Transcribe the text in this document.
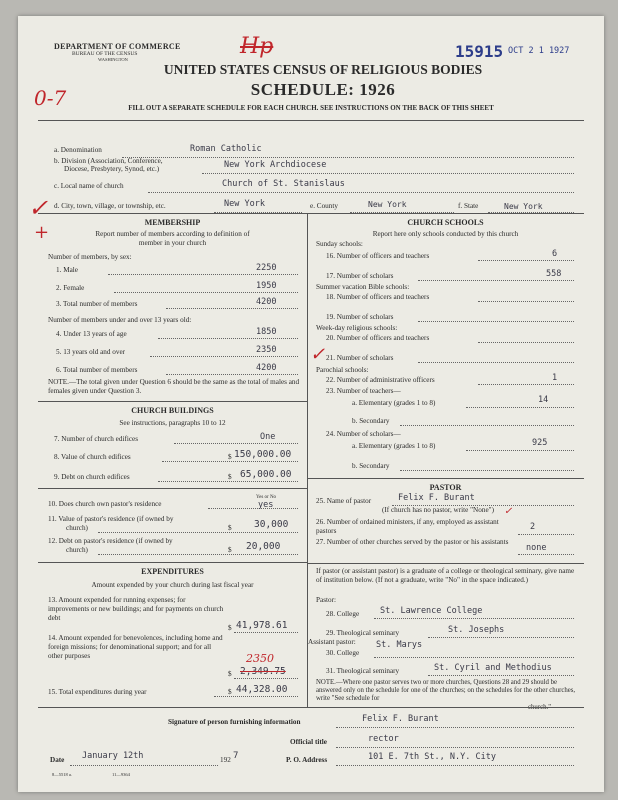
DEPARTMENT OF COMMERCE
BUREAU OF THE CENSUS
WASHINGTON
UNITED STATES CENSUS OF RELIGIOUS BODIES
SCHEDULE: 1926
FILL OUT A SEPARATE SCHEDULE FOR EACH CHURCH. SEE INSTRUCTIONS ON THE BACK OF THIS SHEET
15915 OCT 2 1 1927
Hp
0-7
✓
+
a. Denomination	Roman Catholic
b. Division (Association, Conference,
Diocese, Presbytery, Synod, etc.)	New York Archdiocese
c. Local name of church	Church of St. Stanislaus
d. City, town, village, or township, etc.	New York	e. County	New York	f. State	New York
MEMBERSHIP
Report number of members according to definition of
member in your church
Number of members, by sex:
1. Male	2250
2. Female	1950
3. Total number of members	4200
Number of members under and over 13 years old:
4. Under 13 years of age	1850
5. 13 years old and over	2350
6. Total number of members	4200
✓
NOTE.—The total given under Question 6 should be the same as the total of males and females given under Question 3.
CHURCH BUILDINGS
See instructions, paragraphs 10 to 12
7. Number of church edifices	One
8. Value of church edifices	$ 150,000.00
9. Debt on church edifices	$ 65,000.00
10. Does church own pastor's residence
Yes or No
yes
11. Value of pastor's residence (if owned by
church)	$ 30,000
12. Debt on pastor's residence (if owned by
church)	$ 20,000
EXPENDITURES
Amount expended by your church during last fiscal year
13. Amount expended for running expenses; for improvements or new buildings; and for payments on church debt
$ 41,978.61
14. Amount expended for benevolences, including home and foreign missions; for denominational support; and for all other purposes
$ 2,349.75
2350
15. Total expenditures during year	$ 44,328.00
CHURCH SCHOOLS
Report here only schools conducted by this church
Sunday schools:
16. Number of officers and teachers	6
17. Number of scholars	558
Summer vacation Bible schools:
18. Number of officers and teachers
19. Number of scholars
Week-day religious schools:
20. Number of officers and teachers
21. Number of scholars
Parochial schools:
22. Number of administrative officers	1
23. Number of teachers—
a. Elementary (grades 1 to 8)	14
b. Secondary
24. Number of scholars—
a. Elementary (grades 1 to 8)	925
b. Secondary
PASTOR
25. Name of pastor	Felix F. Burant
(If church has no pastor, write "None")
26. Number of ordained ministers, if any, employed as assistant pastors	2
✓
27. Number of other churches served by the pastor or his assistants
none
If pastor (or assistant pastor) is a graduate of a college or theological seminary, give name of institution below. (If not a graduate, write "No" in the space indicated.)
Pastor:
28. College St. Lawrence College
29. Theological seminary	St. Josephs
Assistant pastor:
30. College
St. Marys
31. Theological seminary	St. Cyril and Methodius
NOTE.—Where one pastor serves two or more churches, Questions 28 and 29 should be answered only on the schedule for one of the churches; on the schedules for the other churches, write "See schedule for
church."
Signature of person furnishing information	Felix F. Burant
Official title	rector
Date January 12th	192 7	P. O. Address	101 E. 7th St., N.Y. City
8—5518 a.	11—9364
